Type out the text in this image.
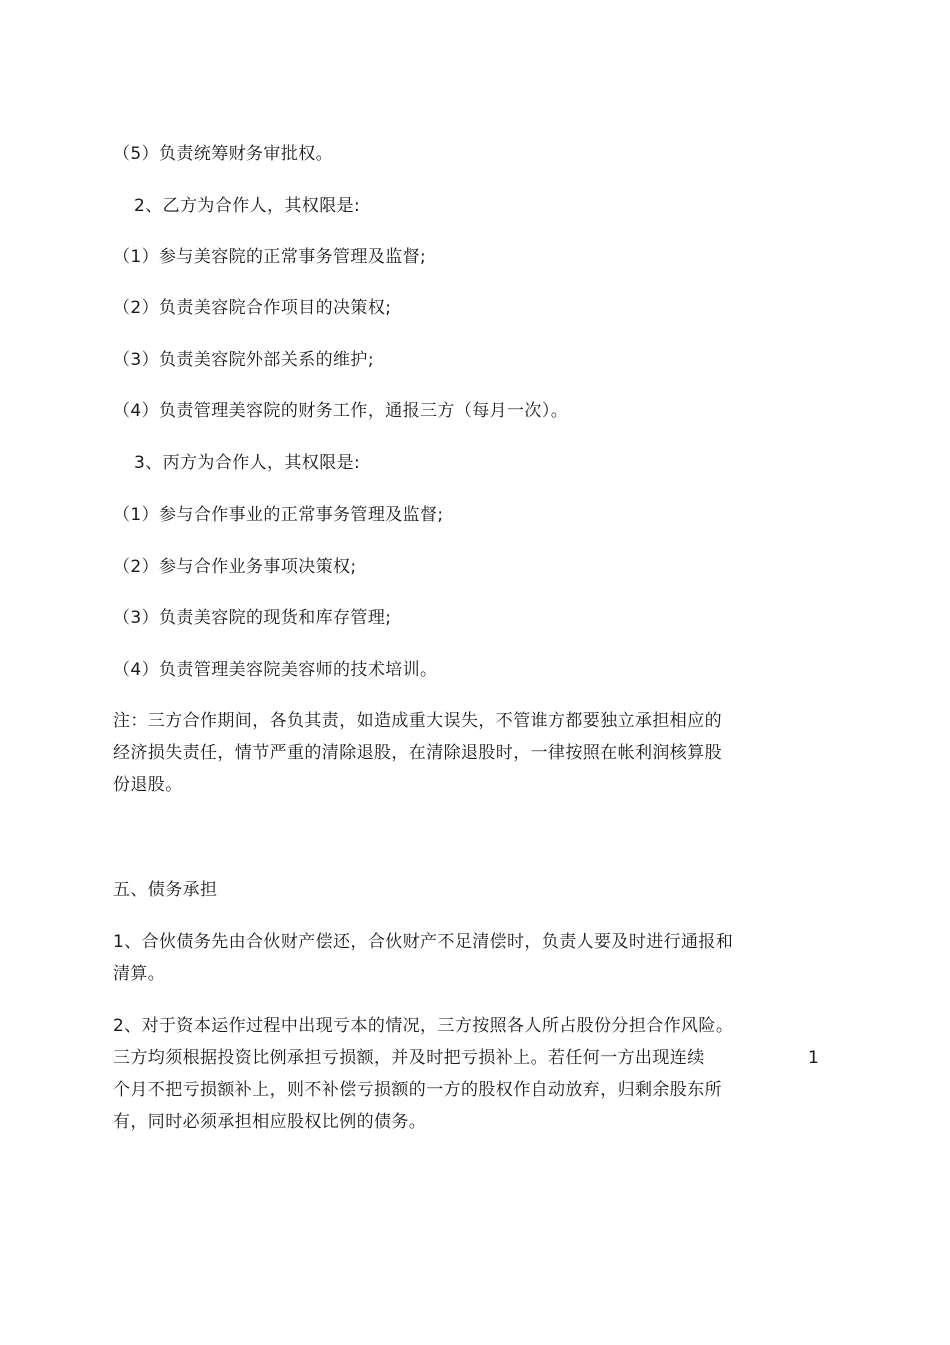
（5）负责统筹财务审批权。
2、乙方为合作人，其权限是:
（1）参与美容院的正常事务管理及监督;
（2）负责美容院合作项目的决策权;
（3）负责美容院外部关系的维护;
（4）负责管理美容院的财务工作，通报三方（每月一次）。
3、丙方为合作人，其权限是:
（1）参与合作事业的正常事务管理及监督;
（2）参与合作业务事项决策权;
（3）负责美容院的现货和库存管理;
（4）负责管理美容院美容师的技术培训。
注：三方合作期间，各负其责，如造成重大误失，不管谁方都要独立承担相应的
经济损失责任，情节严重的清除退股，在清除退股时，一律按照在帐利润核算股
份退股。
五、债务承担
1、合伙债务先由合伙财产偿还，合伙财产不足清偿时，负责人要及时进行通报和
清算。
2、对于资本运作过程中出现亏本的情况，三方按照各人所占股份分担合作风险。
三方均须根据投资比例承担亏损额，并及时把亏损补上。若任何一方出现连续
个月不把亏损额补上，则不补偿亏损额的一方的股权作自动放弃，归剩余股东所
有，同时必须承担相应股权比例的债务。
1
